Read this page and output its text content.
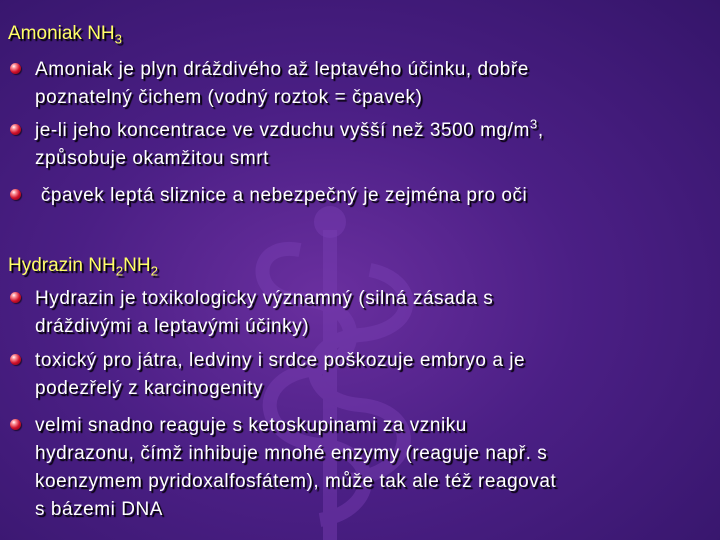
Amoniak $NH_3$
Amoniak je plyn dráždivého až leptavého účinku, dobře
poznatelný čichem (vodný roztok = čpavek)
je-li jeho koncentrace ve vzduchu vyšší než 3500 $mg/m^3$,
způsobuje okamžitou smrt
čpavek leptá sliznice a nebezpečný je zejména pro oči
Hydrazin $NH_2NH_2$
Hydrazin je toxikologicky významný (silná zásada s
dráždivými a leptavými účinky)
toxický pro játra, ledviny i srdce poškozuje embryo a je
podezřelý z karcinogenity
velmi snadno reaguje s ketoskupinami za vzniku
hydrazonu, čímž inhibuje mnohé enzymy (reaguje např. s
koenzymem pyridoxalfosfátem), může tak ale též reagovat
s bázemi DNA
